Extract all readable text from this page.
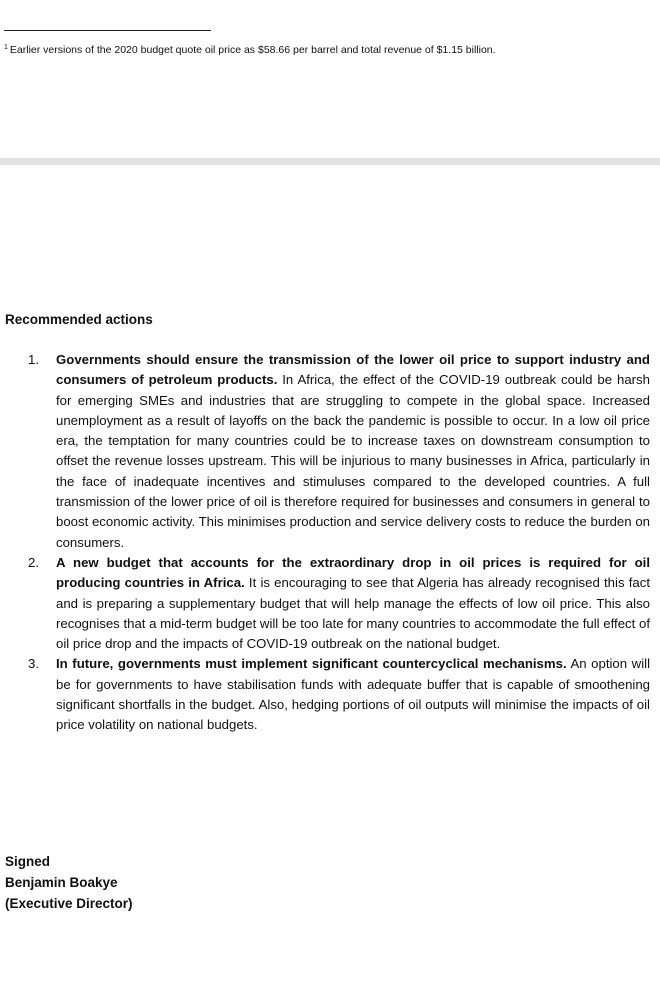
$^1$ Earlier versions of the 2020 budget quote oil price as $58.66 per barrel and total revenue of $1.15 billion.
Recommended actions
1.	Governments should ensure the transmission of the lower oil price to support industry and consumers of petroleum products. In Africa, the effect of the COVID-19 outbreak could be harsh for emerging SMEs and industries that are struggling to compete in the global space. Increased unemployment as a result of layoffs on the back the pandemic is possible to occur. In a low oil price era, the temptation for many countries could be to increase taxes on downstream consumption to offset the revenue losses upstream. This will be injurious to many businesses in Africa, particularly in the face of inadequate incentives and stimuluses compared to the developed countries. A full transmission of the lower price of oil is therefore required for businesses and consumers in general to boost economic activity. This minimises production and service delivery costs to reduce the burden on consumers.
2.	A new budget that accounts for the extraordinary drop in oil prices is required for oil producing countries in Africa. It is encouraging to see that Algeria has already recognised this fact and is preparing a supplementary budget that will help manage the effects of low oil price. This also recognises that a mid-term budget will be too late for many countries to accommodate the full effect of oil price drop and the impacts of COVID-19 outbreak on the national budget.
3.	In future, governments must implement significant countercyclical mechanisms. An option will be for governments to have stabilisation funds with adequate buffer that is capable of smoothening significant shortfalls in the budget. Also, hedging portions of oil outputs will minimise the impacts of oil price volatility on national budgets.
Signed
Benjamin Boakye
(Executive Director)
